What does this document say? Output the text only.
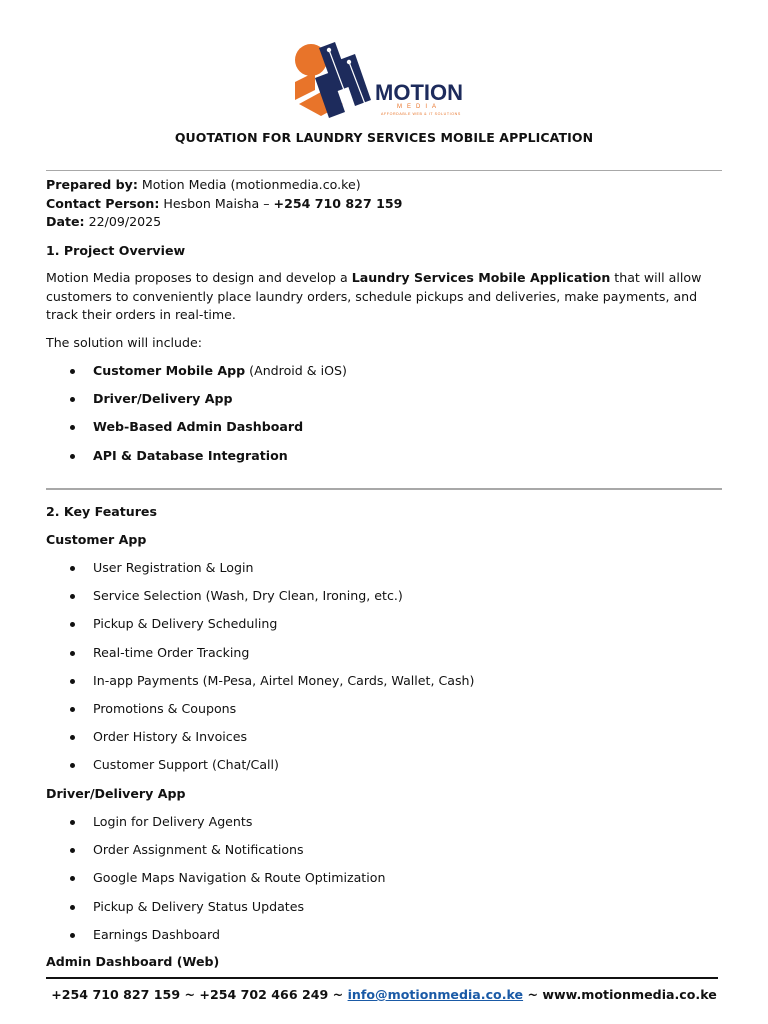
MOTION
MEDIA
AFFORDABLE WEB & IT SOLUTIONS
QUOTATION FOR LAUNDRY SERVICES MOBILE APPLICATION
Prepared by: Motion Media (motionmedia.co.ke)
Contact Person: Hesbon Maisha – +254 710 827 159
Date: 22/09/2025
1. Project Overview
Motion Media proposes to design and develop a Laundry Services Mobile Application that will allow customers to conveniently place laundry orders, schedule pickups and deliveries, make payments, and track their orders in real-time.
The solution will include:
Customer Mobile App (Android & iOS)
Driver/Delivery App
Web-Based Admin Dashboard
API & Database Integration
2. Key Features
Customer App
User Registration & Login
Service Selection (Wash, Dry Clean, Ironing, etc.)
Pickup & Delivery Scheduling
Real-time Order Tracking
In-app Payments (M-Pesa, Airtel Money, Cards, Wallet, Cash)
Promotions & Coupons
Order History & Invoices
Customer Support (Chat/Call)
Driver/Delivery App
Login for Delivery Agents
Order Assignment & Notifications
Google Maps Navigation & Route Optimization
Pickup & Delivery Status Updates
Earnings Dashboard
Admin Dashboard (Web)
+254 710 827 159 ~ +254 702 466 249 ~ info@motionmedia.co.ke ~ www.motionmedia.co.ke
